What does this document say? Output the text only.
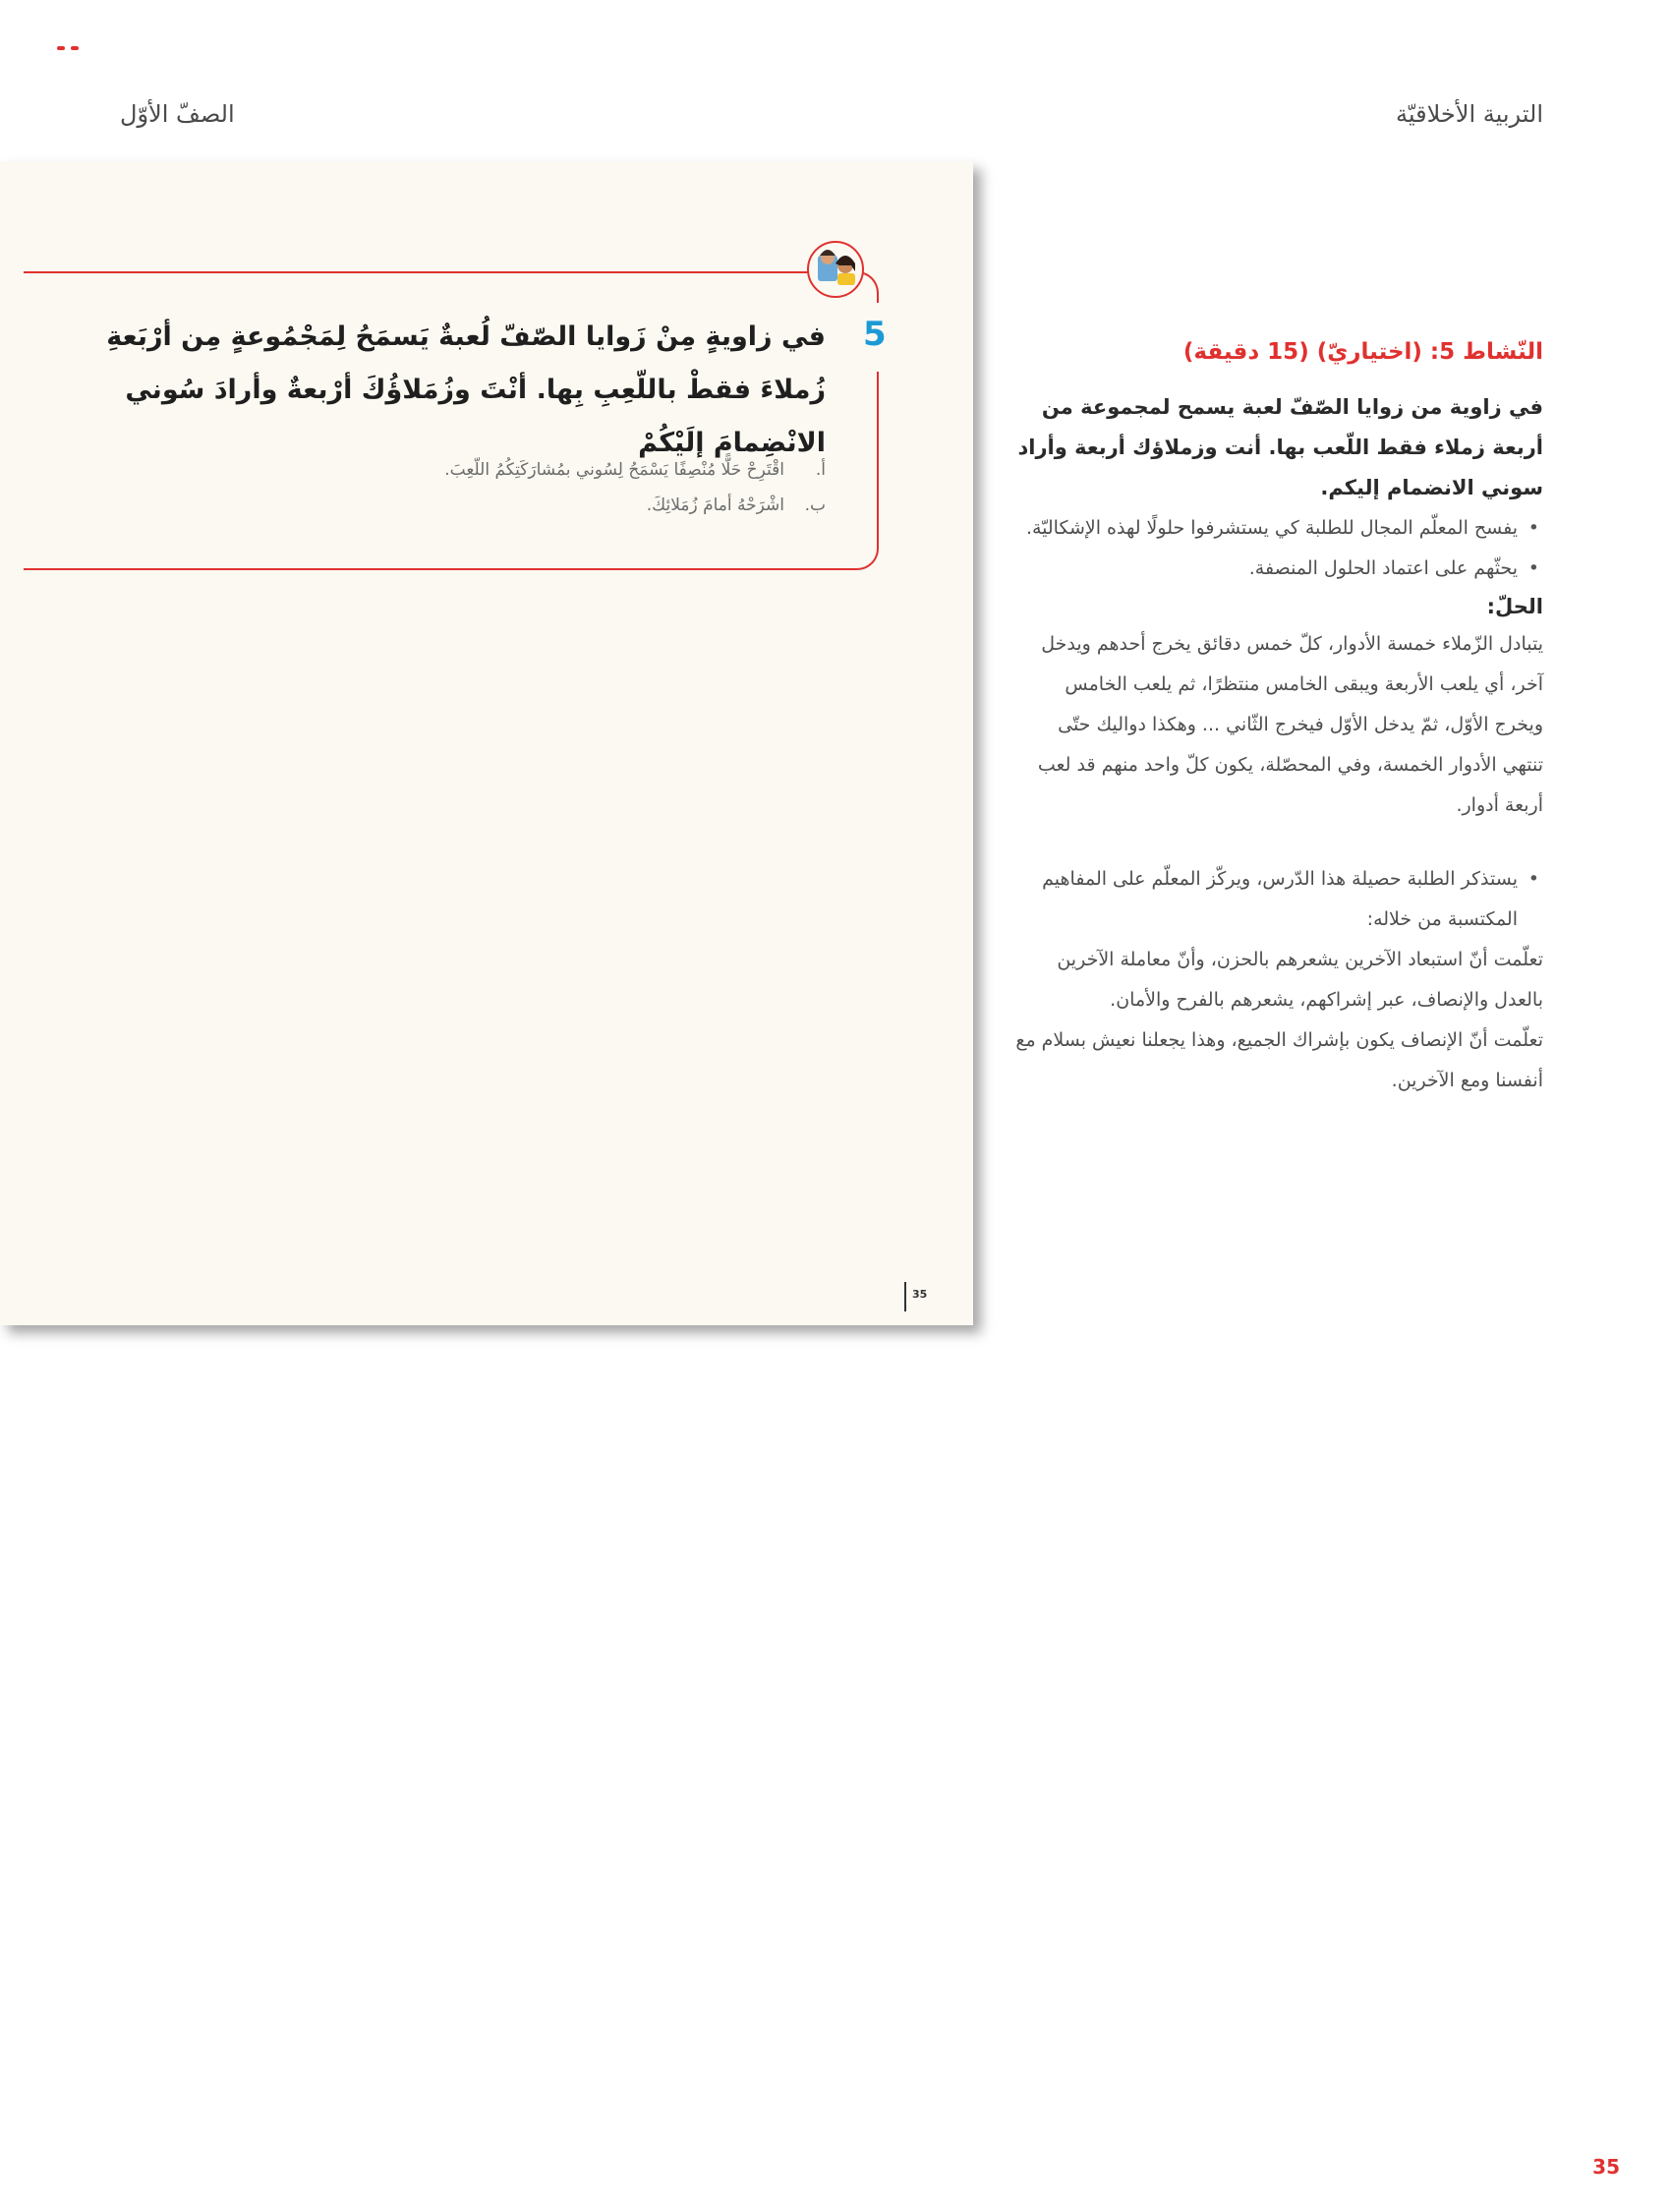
الصفّ الأوّل	التربية الأخلاقيّة
5
في زاويةٍ مِنْ زَوايا الصّفّ لُعبةٌ يَسمَحُ لِمَجْمُوعةٍ مِن أرْبَعةِ زُملاءَ فقطْ باللّعِبِ بِها. أنْتَ وزُمَلاؤُكَ أرْبعةٌ وأرادَ سُوني الانْضِمامَ إلَيْكُمْ
أ.
اقْتَرِحْ حَلًّا مُنْصِفًا يَسْمَحُ لِسُوني بمُشارَكَتِكُمُ اللّعِبَ.
ب.
اشْرَحْهُ أمامَ زُمَلائِكَ.
35
النّشاط 5: (اختياريّ) (15 دقيقة)
في زاوية من زوايا الصّفّ لعبة يسمح لمجموعة من أربعة زملاء فقط اللّعب بها. أنت وزملاؤك أربعة وأراد سوني الانضمام إليكم.
• يفسح المعلّم المجال للطلبة كي يستشرفوا حلولًا لهذه الإشكاليّة.
• يحثّهم على اعتماد الحلول المنصفة.
الحلّ:
يتبادل الزّملاء خمسة الأدوار، كلّ خمس دقائق يخرج أحدهم ويدخل آخر، أي يلعب الأربعة ويبقى الخامس منتظرًا، ثم يلعب الخامس ويخرج الأوّل، ثمّ يدخل الأوّل فيخرج الثّاني ... وهكذا دواليك حتّى تنتهي الأدوار الخمسة، وفي المحصّلة، يكون كلّ واحد منهم قد لعب أربعة أدوار.
• يستذكر الطلبة حصيلة هذا الدّرس، ويركّز المعلّم على المفاهيم المكتسبة من خلاله:
تعلّمت أنّ استبعاد الآخرين يشعرهم بالحزن، وأنّ معاملة الآخرين بالعدل والإنصاف، عبر إشراكهم، يشعرهم بالفرح والأمان.
تعلّمت أنّ الإنصاف يكون بإشراك الجميع، وهذا يجعلنا نعيش بسلام مع أنفسنا ومع الآخرين.
35
